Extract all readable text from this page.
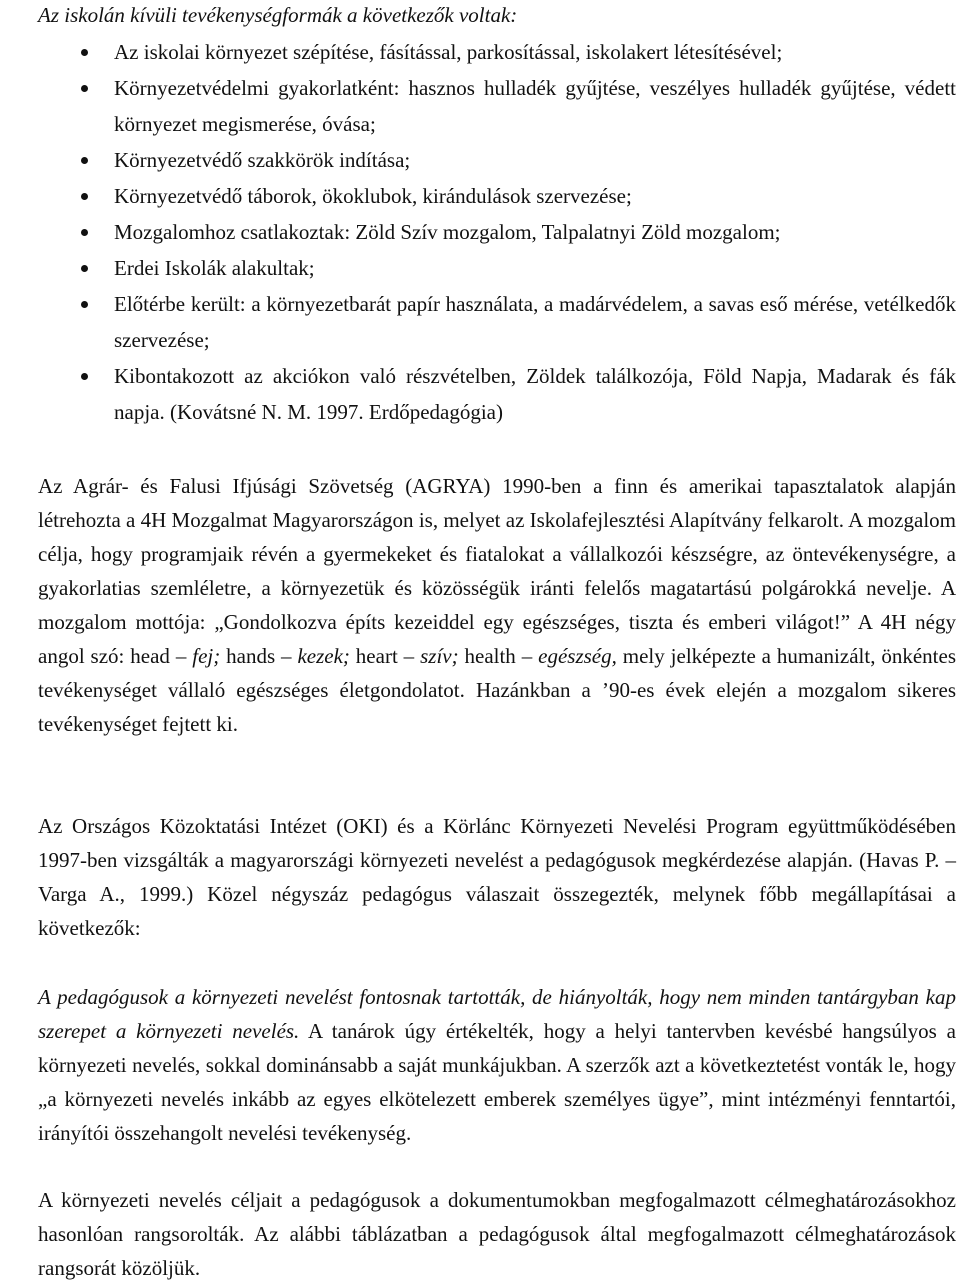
Az iskolán kívüli tevékenységformák a következők voltak:
Az iskolai környezet szépítése, fásítással, parkosítással, iskolakert létesítésével;
Környezetvédelmi gyakorlatként: hasznos hulladék gyűjtése, veszélyes hulladék gyűjtése, védett környezet megismerése, óvása;
Környezetvédő szakkörök indítása;
Környezetvédő táborok, ökoklubok, kirándulások szervezése;
Mozgalomhoz csatlakoztak: Zöld Szív mozgalom, Talpalatnyi Zöld mozgalom;
Erdei Iskolák alakultak;
Előtérbe került: a környezetbarát papír használata, a madárvédelem, a savas eső mérése, vetélkedők szervezése;
Kibontakozott az akciókon való részvételben, Zöldek találkozója, Föld Napja, Madarak és fák napja. (Kovátsné N. M. 1997. Erdőpedagógia)

Az Agrár- és Falusi Ifjúsági Szövetség (AGRYA) 1990-ben a finn és amerikai tapasztalatok alapján létrehozta a 4H Mozgalmat Magyarországon is, melyet az Iskolafejlesztési Alapítvány felkarolt. A mozgalom célja, hogy programjaik révén a gyermekeket és fiatalokat a vállalkozói készségre, az öntevékenységre, a gyakorlatias szemléletre, a környezetük és közösségük iránti felelős magatartású polgárokká nevelje. A mozgalom mottója: „Gondolkozva építs kezeiddel egy egészséges, tiszta és emberi világot!” A 4H négy angol szó: head – fej; hands – kezek; heart – szív; health – egészség, mely jelképezte a humanizált, önkéntes tevékenységet vállaló egészséges életgondolatot. Hazánkban a ’90-es évek elején a mozgalom sikeres tevékenységet fejtett ki.

Az Országos Közoktatási Intézet (OKI) és a Körlánc Környezeti Nevelési Program együttműködésében 1997-ben vizsgálták a magyarországi környezeti nevelést a pedagógusok megkérdezése alapján. (Havas P. – Varga A., 1999.) Közel négyszáz pedagógus válaszait összegezték, melynek főbb megállapításai a következők:

A pedagógusok a környezeti nevelést fontosnak tartották, de hiányolták, hogy nem minden tantárgyban kap szerepet a környezeti nevelés. A tanárok úgy értékelték, hogy a helyi tantervben kevésbé hangsúlyos a környezeti nevelés, sokkal dominánsabb a saját munkájukban. A szerzők azt a következtetést vonták le, hogy „a környezeti nevelés inkább az egyes elkötelezett emberek személyes ügye”, mint intézményi fenntartói, irányítói összehangolt nevelési tevékenység.

A környezeti nevelés céljait a pedagógusok a dokumentumokban megfogalmazott célmeghatározásokhoz hasonlóan rangsorolták. Az alábbi táblázatban a pedagógusok által megfogalmazott célmeghatározások rangsorát közöljük.
